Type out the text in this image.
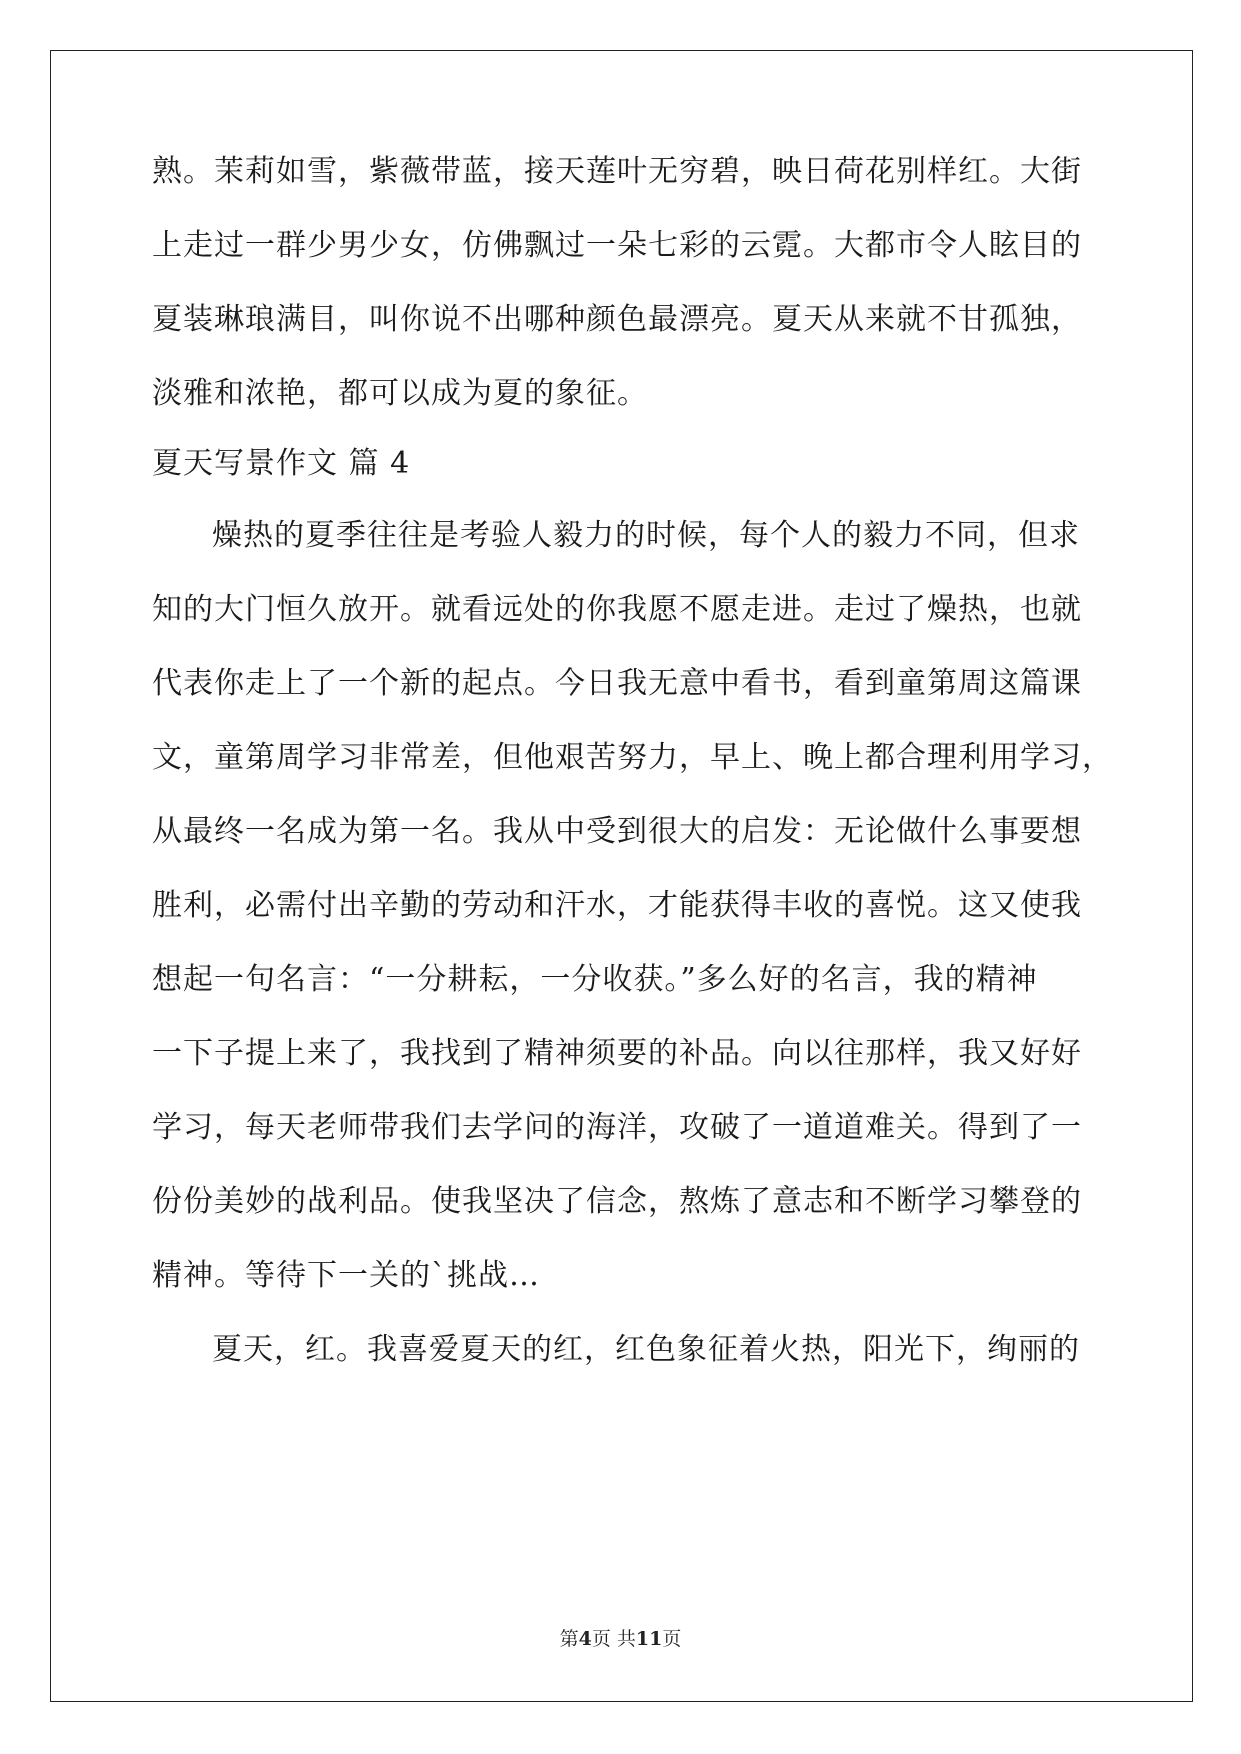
熟。茉莉如雪，紫薇带蓝，接天莲叶无穷碧，映日荷花别样红。大街
上走过一群少男少女，仿佛飘过一朵七彩的云霓。大都市令人眩目的
夏装琳琅满目，叫你说不出哪种颜色最漂亮。夏天从来就不甘孤独，
淡雅和浓艳，都可以成为夏的象征。
夏天写景作文 篇 4
燥热的夏季往往是考验人毅力的时候，每个人的毅力不同，但求
知的大门恒久放开。就看远处的你我愿不愿走进。走过了燥热，也就
代表你走上了一个新的起点。今日我无意中看书，看到童第周这篇课
文，童第周学习非常差，但他艰苦努力，早上、晚上都合理利用学习，
从最终一名成为第一名。我从中受到很大的启发：无论做什么事要想
胜利，必需付出辛勤的劳动和汗水，才能获得丰收的喜悦。这又使我
想起一句名言：“一分耕耘，一分收获。”多么好的名言，我的精神
一下子提上来了，我找到了精神须要的补品。向以往那样，我又好好
学习，每天老师带我们去学问的海洋，攻破了一道道难关。得到了一
份份美妙的战利品。使我坚决了信念，熬炼了意志和不断学习攀登的
精神。等待下一关的`挑战…
夏天，红。我喜爱夏天的红，红色象征着火热，阳光下，绚丽的
第4页 共11页
